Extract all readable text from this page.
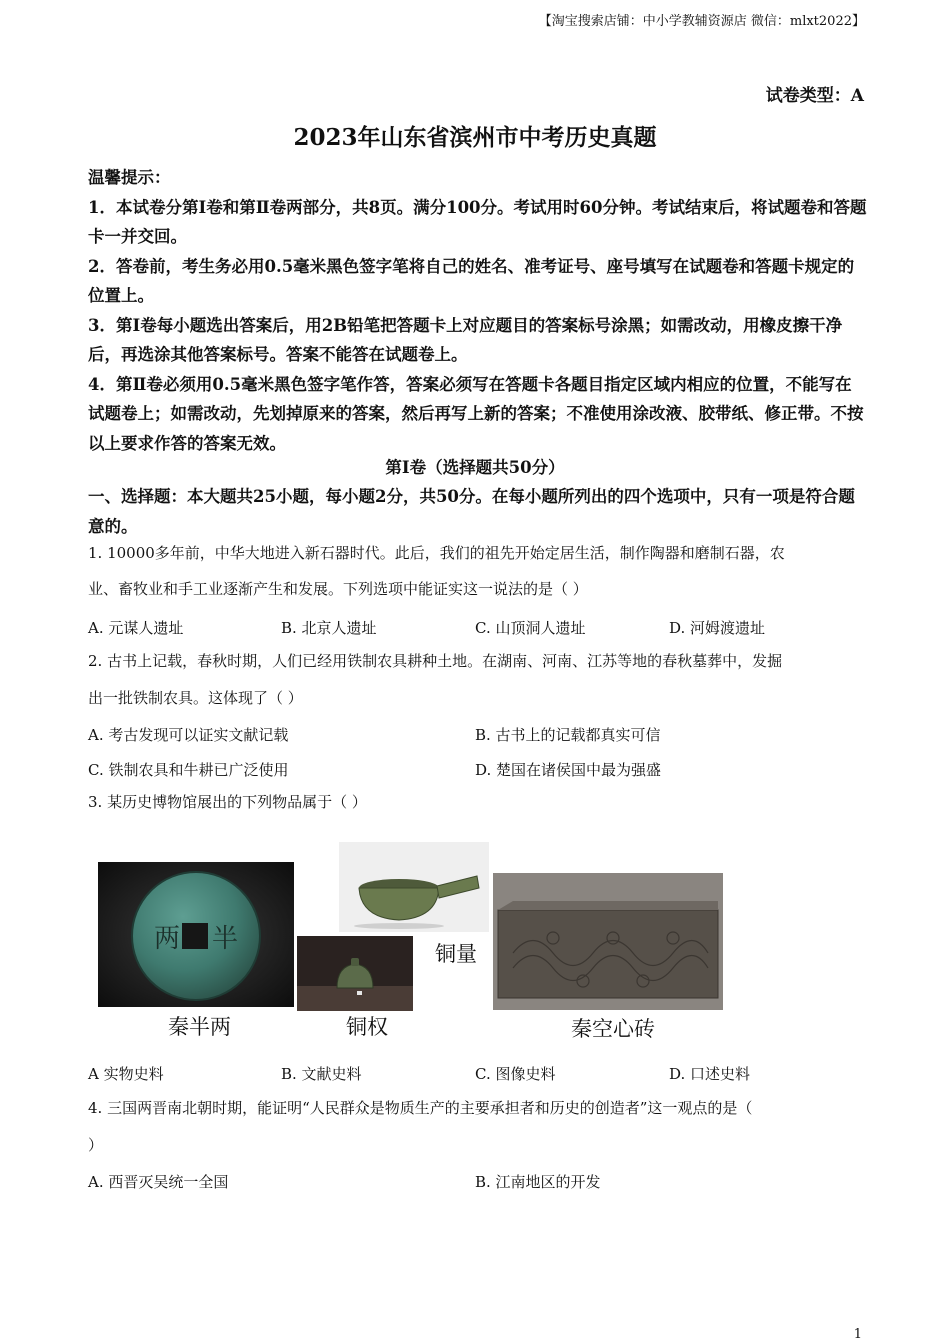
【淘宝搜索店铺：中小学教辅资源店 微信：mlxt2022】
试卷类型：A
2023年山东省滨州市中考历史真题

温馨提示：

1．本试卷分第Ⅰ卷和第Ⅱ卷两部分，共8页。满分100分。考试用时60分钟。考试结束后，将试题卷和答题卡一并交回。

2．答卷前，考生务必用0.5毫米黑色签字笔将自己的姓名、准考证号、座号填写在试题卷和答题卡规定的位置上。

3．第Ⅰ卷每小题选出答案后，用2B铅笔把答题卡上对应题目的答案标号涂黑；如需改动，用橡皮擦干净后，再选涂其他答案标号。答案不能答在试题卷上。

4．第Ⅱ卷必须用0.5毫米黑色签字笔作答，答案必须写在答题卡各题目指定区域内相应的位置，不能写在试题卷上；如需改动，先划掉原来的答案，然后再写上新的答案；不准使用涂改液、胶带纸、修正带。不按以上要求作答的答案无效。

第Ⅰ卷（选择题共50分）
一、选择题：本大题共25小题，每小题2分，共50分。在每小题所列出的四个选项中，只有一项是符合题意的。
1. 10000多年前，中华大地进入新石器时代。此后，我们的祖先开始定居生活，制作陶器和磨制石器，农
业、畜牧业和手工业逐渐产生和发展。下列选项中能证实这一说法的是（ ）
A. 元谋人遗址	B. 北京人遗址	C. 山顶洞人遗址	D. 河姆渡遗址
2. 古书上记载，春秋时期，人们已经用铁制农具耕种土地。在湖南、河南、江苏等地的春秋墓葬中，发掘
出一批铁制农具。这体现了（ ）
A. 考古发现可以证实文献记载	B. 古书上的记载都真实可信
C. 铁制农具和牛耕已广泛使用	D. 楚国在诸侯国中最为强盛
3. 某历史博物馆展出的下列物品属于（ ）
两 半	铜量
秦半两	铜权	秦空心砖
A 实物史料	B. 文献史料	C. 图像史料	D. 口述史料
4. 三国两晋南北朝时期，能证明“人民群众是物质生产的主要承担者和历史的创造者”这一观点的是（
）
A. 西晋灭吴统一全国	B. 江南地区的开发
1
